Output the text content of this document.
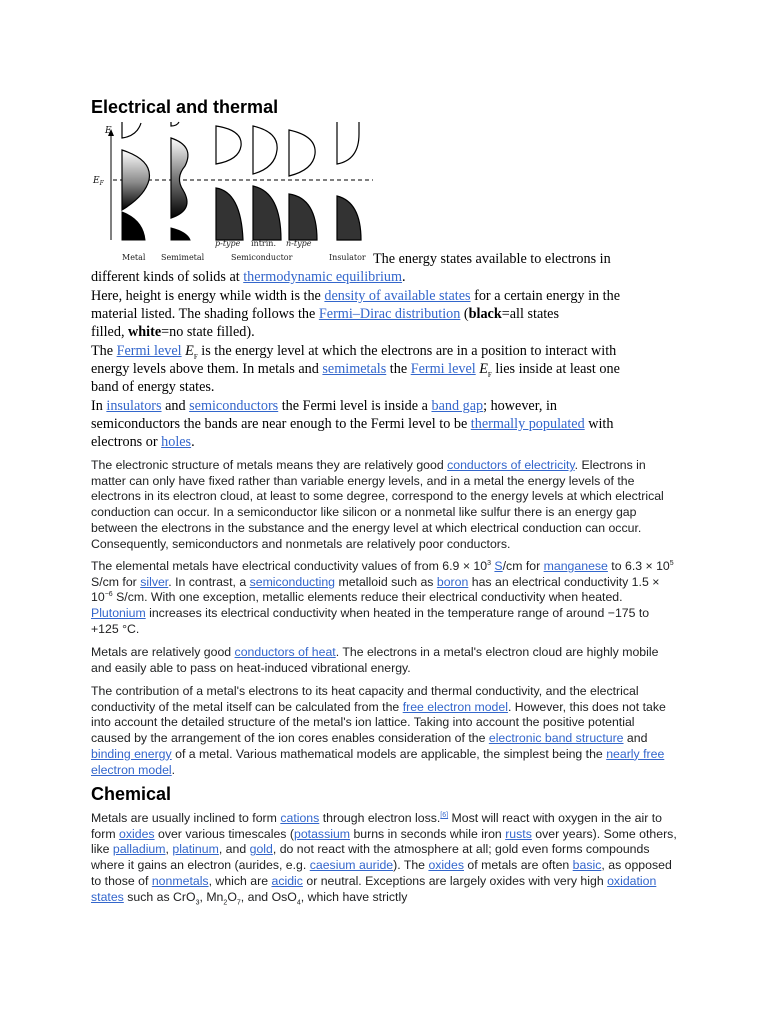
Electrical and thermal
E
$E_F$
p-type intrin. n-type
Metal Semimetal	Semiconductor	Insulator The energy states available to electrons in
different kinds of solids at thermodynamic equilibrium.
Here, height is energy while width is the density of available states for a certain energy in the
material listed. The shading follows the Fermi–Dirac distribution (black=all states
filled, white=no state filled).
The Fermi level $E_F$ is the energy level at which the electrons are in a position to interact with
energy levels above them. In metals and semimetals the Fermi level $E_F$ lies inside at least one
band of energy states.
In insulators and semiconductors the Fermi level is inside a band gap; however, in
semiconductors the bands are near enough to the Fermi level to be thermally populated with
electrons or holes.

The electronic structure of metals means they are relatively good conductors of electricity. Electrons in matter can only have fixed rather than variable energy levels, and in a metal the energy levels of the electrons in its electron cloud, at least to some degree, correspond to the energy levels at which electrical conduction can occur. In a semiconductor like silicon or a nonmetal like sulfur there is an energy gap between the electrons in the substance and the energy level at which electrical conduction can occur. Consequently, semiconductors and nonmetals are relatively poor conductors.

The elemental metals have electrical conductivity values of from $6.9 \times 10^3$ S/cm for manganese to $6.3 \times 10^5$ S/cm for silver. In contrast, a semiconducting metalloid such as boron has an electrical conductivity $1.5 \times 10^{-6}$ S/cm. With one exception, metallic elements reduce their electrical conductivity when heated. Plutonium increases its electrical conductivity when heated in the temperature range of around −175 to +125 °C.

Metals are relatively good conductors of heat. The electrons in a metal's electron cloud are highly mobile and easily able to pass on heat-induced vibrational energy.

The contribution of a metal's electrons to its heat capacity and thermal conductivity, and the electrical conductivity of the metal itself can be calculated from the free electron model. However, this does not take into account the detailed structure of the metal's ion lattice. Taking into account the positive potential caused by the arrangement of the ion cores enables consideration of the electronic band structure and binding energy of a metal. Various mathematical models are applicable, the simplest being the nearly free electron model.

Chemical

Metals are usually inclined to form cations through electron loss.[6] Most will react with oxygen in the air to form oxides over various timescales (potassium burns in seconds while iron rusts over years). Some others, like palladium, platinum, and gold, do not react with the atmosphere at all; gold even forms compounds where it gains an electron (aurides, e.g. caesium auride). The oxides of metals are often basic, as opposed to those of nonmetals, which are acidic or neutral. Exceptions are largely oxides with very high oxidation states such as CrO$_3$, $Mn_2O_7$, and OsO$_4$, which have strictly
